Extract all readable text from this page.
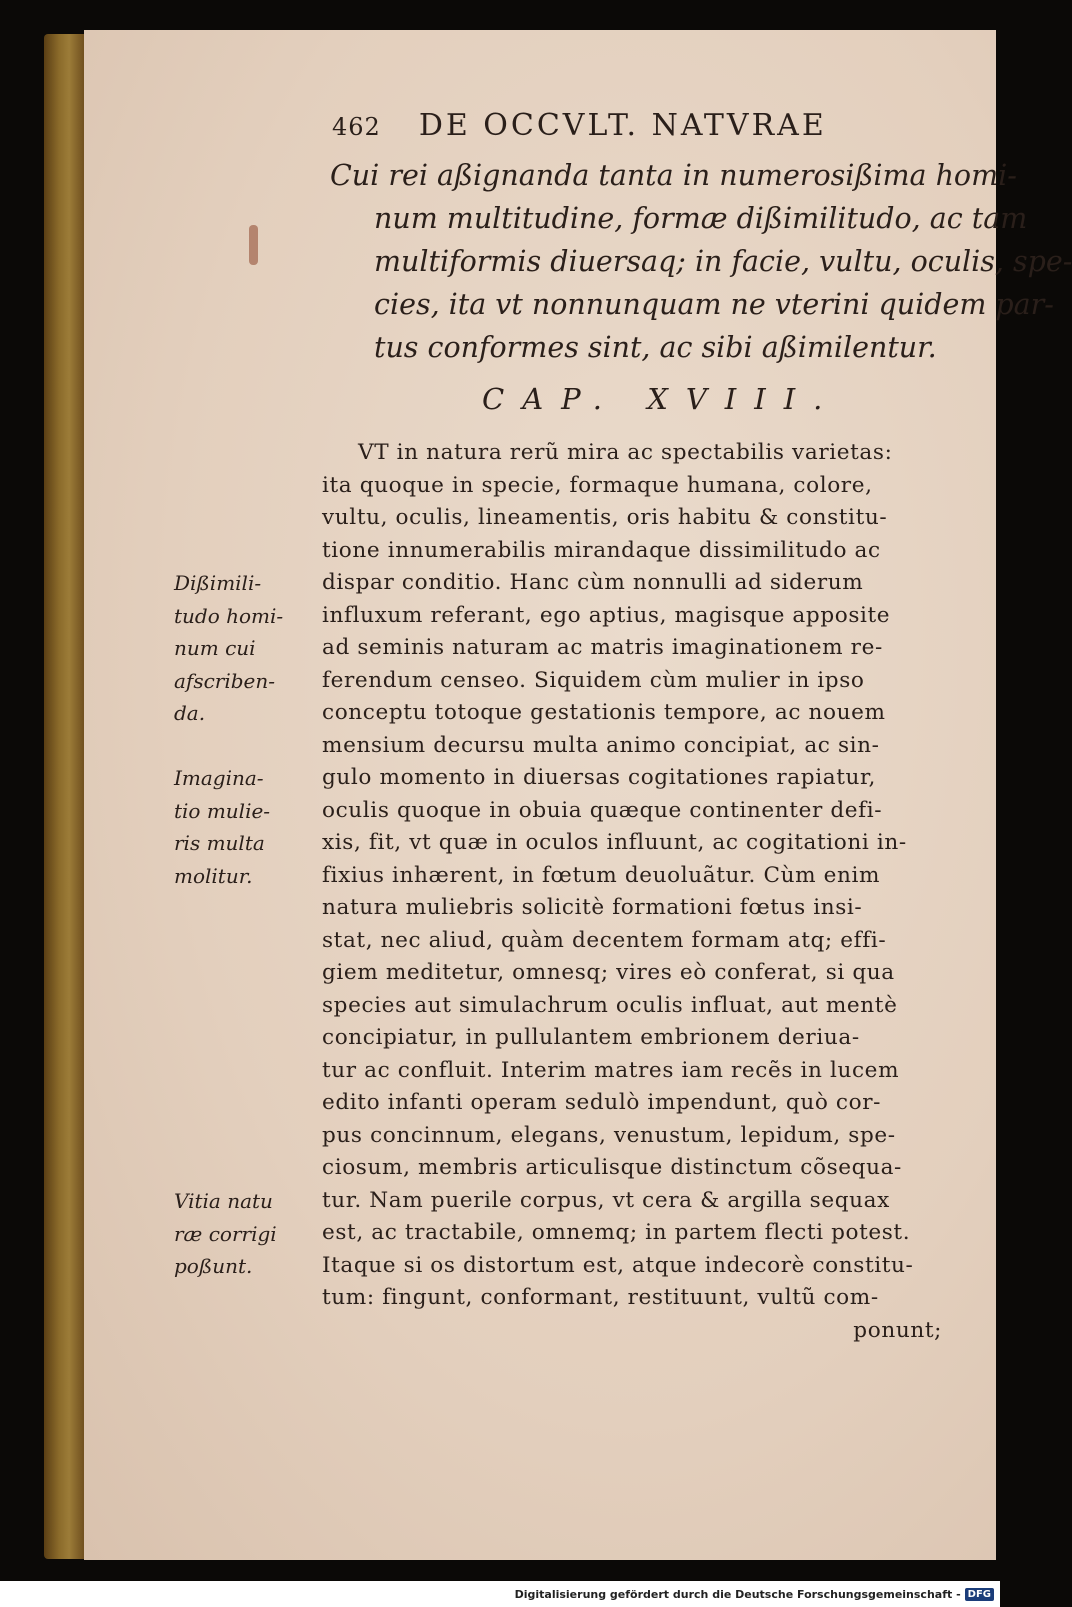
462 DE OCCVLT. NATVRAE
Cui rei aßignanda tanta in numerosißima homi-
num multitudine, formæ dißimilitudo, ac tam
multiformis diuersaq; in facie, vultu, oculis, spe-
cies, ita vt nonnunquam ne vterini quidem par-
tus conformes sint, ac sibi aßimilentur.
CAP. XVIII.
VT in natura rerũ mira ac spectabilis varietas:
ita quoque in specie, formaque humana, colore,
vultu, oculis, lineamentis, oris habitu & constitu-
tione innumerabilis mirandaque dissimilitudo ac
dispar conditio. Hanc cùm nonnulli ad siderum
influxum referant, ego aptius, magisque apposite
ad seminis naturam ac matris imaginationem re-
ferendum censeo. Siquidem cùm mulier in ipso
conceptu totoque gestationis tempore, ac nouem
mensium decursu multa animo concipiat, ac sin-
gulo momento in diuersas cogitationes rapiatur,
oculis quoque in obuia quæque continenter defi-
xis, fit, vt quæ in oculos influunt, ac cogitationi in-
fixius inhærent, in fœtum deuoluãtur. Cùm enim
natura muliebris solicitè formationi fœtus insi-
stat, nec aliud, quàm decentem formam atq; effi-
giem meditetur, omnesq; vires eò conferat, si qua
species aut simulachrum oculis influat, aut mentè
concipiatur, in pullulantem embrionem deriua-
tur ac confluit. Interim matres iam recẽs in lucem
edito infanti operam sedulò impendunt, quò cor-
pus concinnum, elegans, venustum, lepidum, spe-
ciosum, membris articulisque distinctum cõsequa-
tur. Nam puerile corpus, vt cera & argilla sequax
est, ac tractabile, omnemq; in partem flecti potest.
Itaque si os distortum est, atque indecorè constitu-
tum: fingunt, conformant, restituunt, vultũ com-
ponunt;
Dißimili-
tudo homi-
num cui
afscriben-
da.
Imagina-
tio mulie-
ris multa
molitur.
Vitia natu
ræ corrigi
poßunt.
Digitalisierung gefördert durch die Deutsche Forschungsgemeinschaft - DFG
